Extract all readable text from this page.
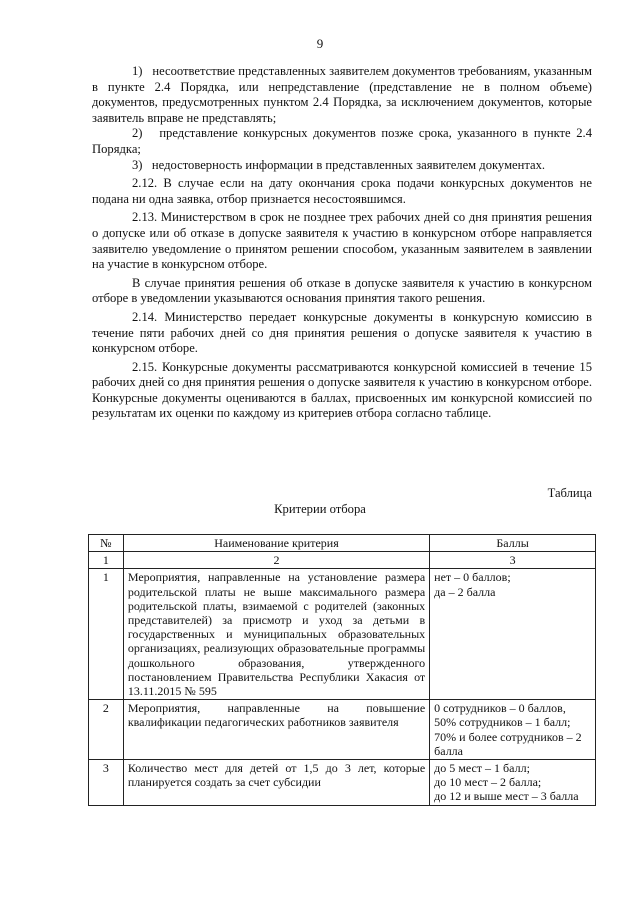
9

1)   несоответствие представленных заявителем документов требованиям, указанным в пункте 2.4 Порядка, или непредставление (представление не в полном объеме) документов, предусмотренных пунктом 2.4 Порядка, за исключением документов, которые заявитель вправе не представлять;

2)   представление конкурсных документов позже срока, указанного в пункте 2.4 Порядка;

3)   недостоверность информации в представленных заявителем документах.

2.12. В случае если на дату окончания срока подачи конкурсных документов не подана ни одна заявка, отбор признается несостоявшимся.

2.13. Министерством в срок не позднее трех рабочих дней со дня принятия решения о допуске или об отказе в допуске заявителя к участию в конкурсном отборе направляется заявителю уведомление о принятом решении способом, указанным заявителем в заявлении на участие в конкурсном отборе.

В случае принятия решения об отказе в допуске заявителя к участию в конкурсном отборе в уведомлении указываются основания принятия такого решения.

2.14. Министерство передает конкурсные документы в конкурсную комиссию в течение пяти рабочих дней со дня принятия решения о допуске заявителя к участию в конкурсном отборе.

2.15. Конкурсные документы рассматриваются конкурсной комиссией в течение 15 рабочих дней со дня принятия решения о допуске заявителя к участию в конкурсном отборе. Конкурсные документы оцениваются в баллах, присвоенных им конкурсной комиссией по результатам их оценки по каждому из критериев отбора согласно таблице.

Таблица
Критерии отбора
№	Наименование критерия	Баллы
1	2	3
1	Мероприятия, направленные на установление размера родительской платы не выше максимального размера родительской платы, взимаемой с родителей (законных представителей) за присмотр и уход за детьми в государственных и муниципальных образовательных организациях, реализующих образовательные программы дошкольного образования, утвержденного постановлением Правительства Республики Хакасия от 13.11.2015 № 595	нет – 0 баллов;
да – 2 балла

2	Мероприятия, направленные на повышение квалификации педагогических работников заявителя	0 сотрудников – 0 баллов,
50% сотрудников – 1 балл;
70% и более сотрудников – 2 балла

3	Количество мест для детей от 1,5 до 3 лет, которые планируется создать за счет субсидии	до 5 мест – 1 балл;
до 10 мест – 2 балла;
до 12 и выше мест – 3 балла
